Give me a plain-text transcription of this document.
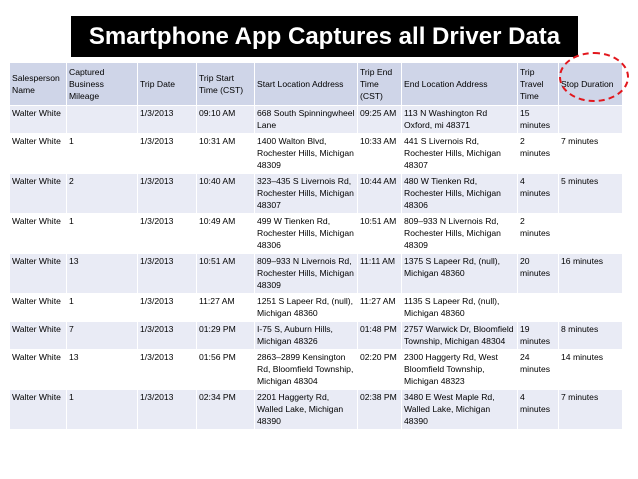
Smartphone App Captures all Driver Data
Salesperson Name	Captured Business Mileage	Trip Date	Trip Start Time (CST)	Start Location Address	Trip End Time (CST)	End Location Address	Trip Travel Time	Stop Duration
Walter White		1/3/2013	09:10 AM	668 South Spinningwheel Lane	09:25 AM	113 N Washington Rd Oxford, mi 48371	15 minutes	
Walter White	1	1/3/2013	10:31 AM	1400 Walton Blvd, Rochester Hills, Michigan 48309	10:33 AM	441 S Livernois Rd, Rochester Hills, Michigan 48307	2 minutes	7 minutes
Walter White	2	1/3/2013	10:40 AM	323–435 S Livernois Rd, Rochester Hills, Michigan 48307	10:44 AM	480 W Tienken Rd, Rochester Hills, Michigan 48306	4 minutes	5 minutes
Walter White	1	1/3/2013	10:49 AM	499 W Tienken Rd, Rochester Hills, Michigan 48306	10:51 AM	809–933 N Livernois Rd, Rochester Hills, Michigan 48309	2 minutes	
Walter White	13	1/3/2013	10:51 AM	809–933 N Livernois Rd, Rochester Hills, Michigan 48309	11:11 AM	1375 S Lapeer Rd, (null), Michigan 48360	20 minutes	16 minutes
Walter White	1	1/3/2013	11:27 AM	1251 S Lapeer Rd, (null), Michigan 48360	11:27 AM	1135 S Lapeer Rd, (null), Michigan 48360		
Walter White	7	1/3/2013	01:29 PM	I-75 S, Auburn Hills, Michigan 48326	01:48 PM	2757 Warwick Dr, Bloomfield Township, Michigan 48304	19 minutes	8 minutes
Walter White	13	1/3/2013	01:56 PM	2863–2899 Kensington Rd, Bloomfield Township, Michigan 48304	02:20 PM	2300 Haggerty Rd, West Bloomfield Township, Michigan 48323	24 minutes	14 minutes
Walter White	1	1/3/2013	02:34 PM	2201 Haggerty Rd, Walled Lake, Michigan 48390	02:38 PM	3480 E West Maple Rd, Walled Lake, Michigan 48390	4 minutes	7 minutes
